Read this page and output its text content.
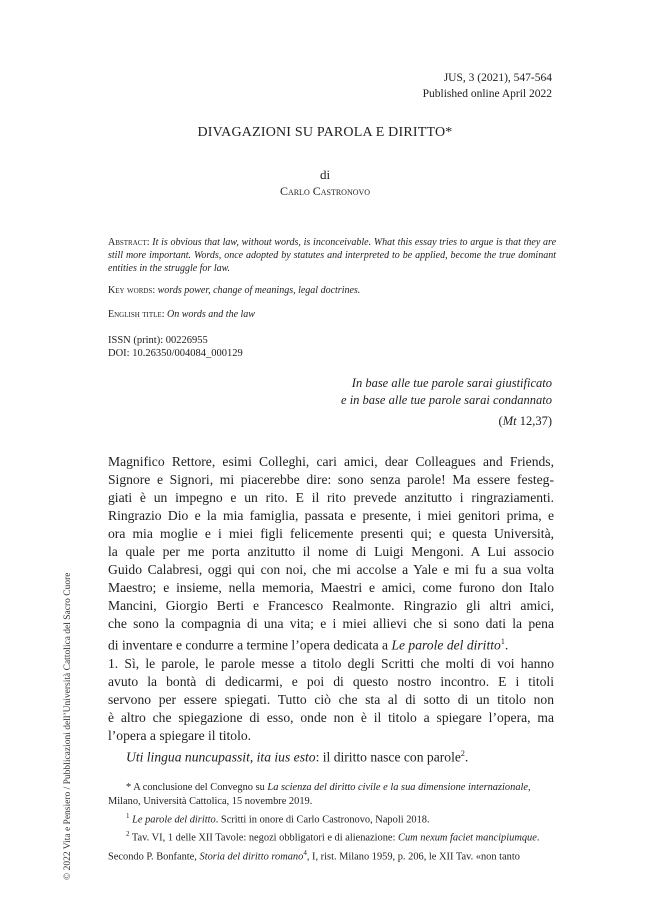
JUS, 3 (2021), 547-564
Published online April 2022
DIVAGAZIONI SU PAROLA E DIRITTO*
di
Carlo Castronovo
Abstract: It is obvious that law, without words, is inconceivable. What this essay tries to argue is that they are still more important. Words, once adopted by statutes and interpreted to be applied, become the true dominant entities in the struggle for law.
Key words: words power, change of meanings, legal doctrines.
English title: On words and the law
ISSN (print): 00226955
DOI: 10.26350/004084_000129
In base alle tue parole sarai giustificato
e in base alle tue parole sarai condannato
(Mt 12,37)
Magnifico Rettore, esimi Colleghi, cari amici, dear Colleagues and Friends,
Signore e Signori, mi piacerebbe dire: sono senza parole! Ma essere festeg-
giati è un impegno e un rito. E il rito prevede anzitutto i ringraziamenti.
Ringrazio Dio e la mia famiglia, passata e presente, i miei genitori prima, e
ora mia moglie e i miei figli felicemente presenti qui; e questa Università,
la quale per me porta anzitutto il nome di Luigi Mengoni. A Lui associo
Guido Calabresi, oggi qui con noi, che mi accolse a Yale e mi fu a sua volta
Maestro; e insieme, nella memoria, Maestri e amici, come furono don Italo
Mancini, Giorgio Berti e Francesco Realmonte. Ringrazio gli altri amici,
che sono la compagnia di una vita; e i miei allievi che si sono dati la pena
di inventare e condurre a termine l’opera dedicata a Le parole del diritto$^1$.
1. Sì, le parole, le parole messe a titolo degli Scritti che molti di voi hanno
avuto la bontà di dedicarmi, e poi di questo nostro incontro. E i titoli
servono per essere spiegati. Tutto ciò che sta al di sotto di un titolo non
è altro che spiegazione di esso, onde non è il titolo a spiegare l’opera, ma
l’opera a spiegare il titolo.
Uti lingua nuncupassit, ita ius esto: il diritto nasce con parole$^2$.
* A conclusione del Convegno su La scienza del diritto civile e la sua dimensione internazionale,
Milano, Università Cattolica, 15 novembre 2019.
$^1$ Le parole del diritto. Scritti in onore di Carlo Castronovo, Napoli 2018.
$^2$ Tav. VI, 1 delle XII Tavole: negozi obbligatori e di alienazione: Cum nexum faciet mancipiumque.
Secondo P. Bonfante, Storia del diritto romano$^4$, I, rist. Milano 1959, p. 206, le XII Tav. «non tanto
© 2022 Vita e Pensiero / Pubblicazioni dell’Università Cattolica del Sacro Cuore
